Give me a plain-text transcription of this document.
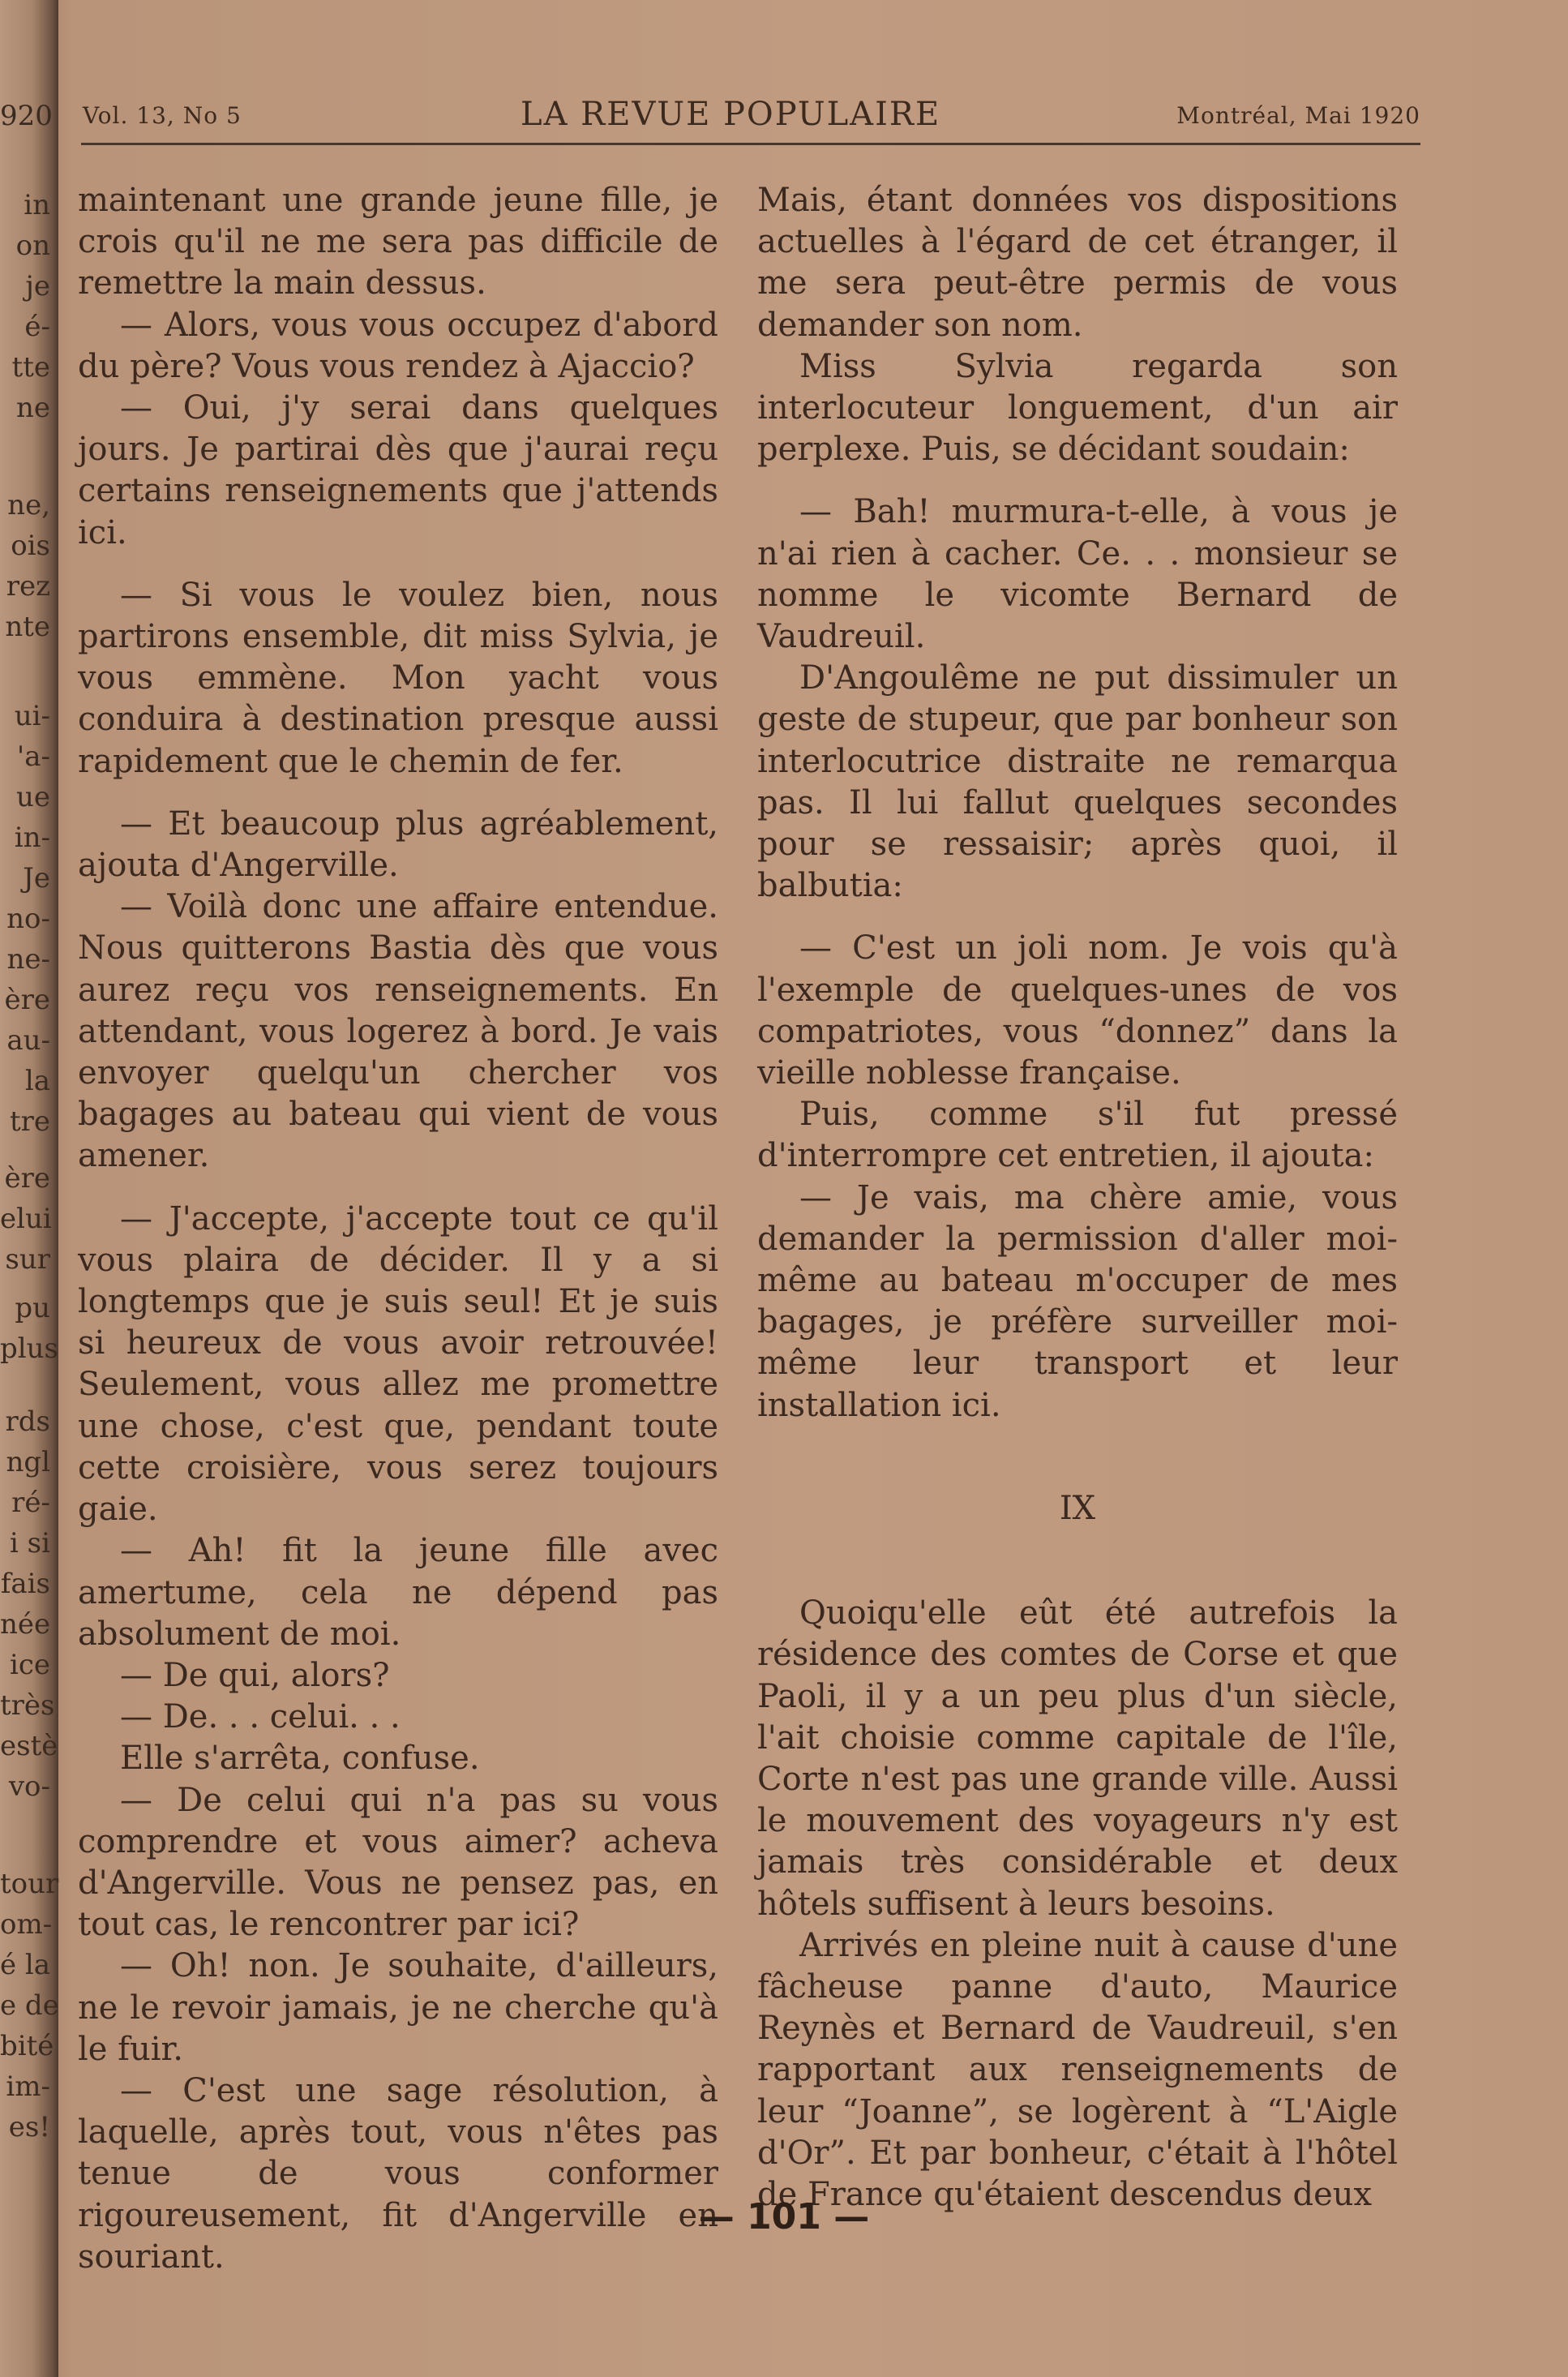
920
in
on
je
é-
tte
ne
ne,
ois
rez
nte
ui-
'a-
ue
in-
Je
no-
ne-
ère
au-
la
tre
ère
elui
sur
pu
plus
rds
ngl
ré-
i si
fais
née
ice
très
estè
vo-
tour
om-
é la
e de
bité
im-
es!
Vol. 13, No 5	LA REVUE POPULAIRE	Montréal, Mai 1920

maintenant une grande jeune fille, je crois qu'il ne me sera pas difficile de remettre la main dessus.

— Alors, vous vous occupez d'abord du père? Vous vous rendez à Ajaccio?

— Oui, j'y serai dans quelques jours. Je partirai dès que j'aurai reçu certains renseignements que j'attends ici.

— Si vous le voulez bien, nous partirons ensemble, dit miss Sylvia, je vous emmène. Mon yacht vous conduira à destination presque aussi rapidement que le chemin de fer.

— Et beaucoup plus agréablement, ajouta d'Angerville.

— Voilà donc une affaire entendue. Nous quitterons Bastia dès que vous aurez reçu vos renseignements. En attendant, vous logerez à bord. Je vais envoyer quelqu'un chercher vos bagages au bateau qui vient de vous amener.

— J'accepte, j'accepte tout ce qu'il vous plaira de décider. Il y a si longtemps que je suis seul! Et je suis si heureux de vous avoir retrouvée! Seulement, vous allez me promettre une chose, c'est que, pendant toute cette croisière, vous serez toujours gaie.

— Ah! fit la jeune fille avec amertume, cela ne dépend pas absolument de moi.

— De qui, alors?

— De. . . celui. . .

Elle s'arrêta, confuse.

— De celui qui n'a pas su vous comprendre et vous aimer? acheva d'Angerville. Vous ne pensez pas, en tout cas, le rencontrer par ici?

— Oh! non. Je souhaite, d'ailleurs, ne le revoir jamais, je ne cherche qu'à le fuir.

— C'est une sage résolution, à laquelle, après tout, vous n'êtes pas tenue de vous conformer rigoureusement, fit d'Angerville en souriant.

Mais, étant données vos dispositions actuelles à l'égard de cet étranger, il me sera peut-être permis de vous demander son nom.

Miss Sylvia regarda son interlocuteur longuement, d'un air perplexe. Puis, se décidant soudain:

— Bah! murmura-t-elle, à vous je n'ai rien à cacher. Ce. . . monsieur se nomme le vicomte Bernard de Vaudreuil.

D'Angoulême ne put dissimuler un geste de stupeur, que par bonheur son interlocutrice distraite ne remarqua pas. Il lui fallut quelques secondes pour se ressaisir; après quoi, il balbutia:

— C'est un joli nom. Je vois qu'à l'exemple de quelques-unes de vos compatriotes, vous “donnez” dans la vieille noblesse française.

Puis, comme s'il fut pressé d'interrompre cet entretien, il ajouta:

— Je vais, ma chère amie, vous demander la permission d'aller moi-même au bateau m'occuper de mes bagages, je préfère surveiller moi-même leur transport et leur installation ici.

IX

Quoiqu'elle eût été autrefois la résidence des comtes de Corse et que Paoli, il y a un peu plus d'un siècle, l'ait choisie comme capitale de l'île, Corte n'est pas une grande ville. Aussi le mouvement des voyageurs n'y est jamais très considérable et deux hôtels suffisent à leurs besoins.

Arrivés en pleine nuit à cause d'une fâcheuse panne d'auto, Maurice Reynès et Bernard de Vaudreuil, s'en rapportant aux renseignements de leur “Joanne”, se logèrent à “L'Aigle d'Or”. Et par bonheur, c'était à l'hôtel de France qu'étaient descendus deux

— 101 —
